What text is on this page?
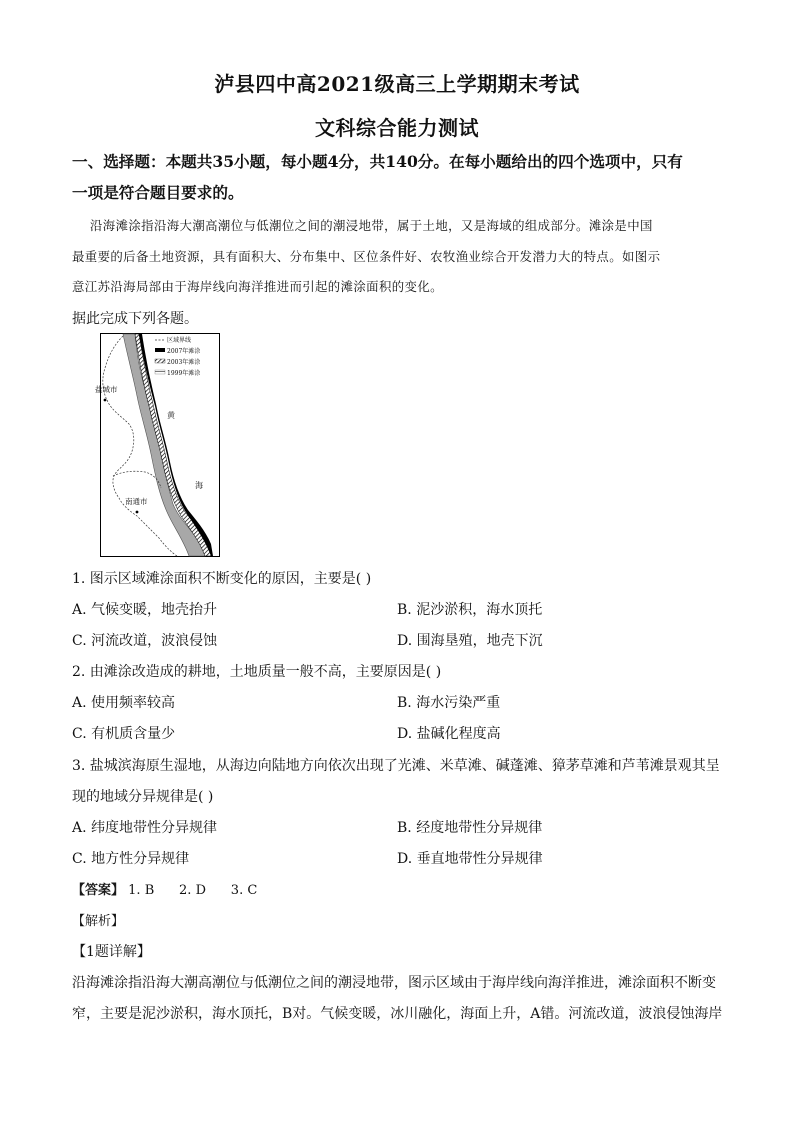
泸县四中高2021级高三上学期期末考试
文科综合能力测试
一、选择题：本题共35小题，每小题4分，共140分。在每小题给出的四个选项中，只有
一项是符合题目要求的。
沿海滩涂指沿海大潮高潮位与低潮位之间的潮浸地带，属于土地，又是海域的组成部分。滩涂是中国
最重要的后备土地资源，具有面积大、分布集中、区位条件好、农牧渔业综合开发潜力大的特点。如图示
意江苏沿海局部由于海岸线向海洋推进而引起的滩涂面积的变化。
据此完成下列各题。
区域界线
2007年滩涂
2003年滩涂
1999年滩涂
盐城市
南通市
黄
海
1. 图示区域滩涂面积不断变化的原因，主要是( )
A. 气候变暖，地壳抬升	B. 泥沙淤积，海水顶托
C. 河流改道，波浪侵蚀	D. 围海垦殖，地壳下沉
2. 由滩涂改造成的耕地，土地质量一般不高，主要原因是( )
A. 使用频率较高	B. 海水污染严重
C. 有机质含量少	D. 盐碱化程度高
3. 盐城滨海原生湿地，从海边向陆地方向依次出现了光滩、米草滩、碱蓬滩、獐茅草滩和芦苇滩景观其呈
现的地域分异规律是( )
A. 纬度地带性分异规律	B. 经度地带性分异规律
C. 地方性分异规律	D. 垂直地带性分异规律
【答案】 1. B      2. D      3. C
【解析】
【1题详解】
沿海滩涂指沿海大潮高潮位与低潮位之间的潮浸地带，图示区域由于海岸线向海洋推进，滩涂面积不断变
窄，主要是泥沙淤积，海水顶托，B对。气候变暖，冰川融化，海面上升，A错。河流改道，波浪侵蚀海岸
